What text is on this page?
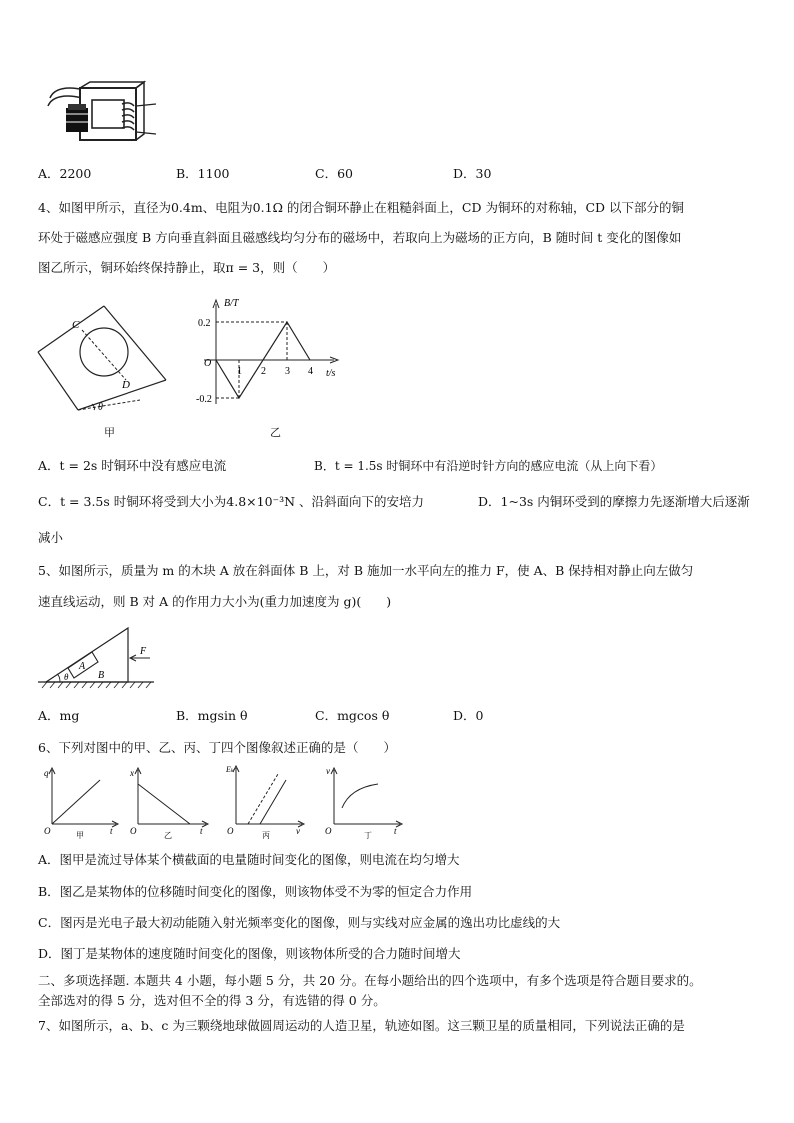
A．2200	B．1100	C．60	D．30
4、如图甲所示，直径为0.4m、电阻为0.1Ω 的闭合铜环静止在粗糙斜面上，CD 为铜环的对称轴，CD 以下部分的铜
环处于磁感应强度 B 方向垂直斜面且磁感线均匀分布的磁场中，若取向上为磁场的正方向，B 随时间 t 变化的图像如
图乙所示，铜环始终保持静止，取π = 3，则（　　）
C
D
θ
甲
B/T
t/s
O
0.2
-0.2
1 2 3 4
乙
A．t = 2s 时铜环中没有感应电流	B．t = 1.5s 时铜环中有沿逆时针方向的感应电流（从上向下看）
C．t = 3.5s 时铜环将受到大小为4.8×10⁻³N 、沿斜面向下的安培力	D．1~3s 内铜环受到的摩擦力先逐渐增大后逐渐
减小
5、如图所示，质量为 m 的木块 A 放在斜面体 B 上，对 B 施加一水平向左的推力 F，使 A、B 保持相对静止向左做匀
速直线运动，则 B 对 A 的作用力大小为(重力加速度为 g)(　　)
A
B
F
θ
A．mg	B．mgsin θ	C．mgcos θ	D．0
6、下列对图中的甲、乙、丙、丁四个图像叙述正确的是（　　）
q
t
O	甲
x
t
O	乙
Eₖ
v
O	丙
v
t
O	丁
A．图甲是流过导体某个横截面的电量随时间变化的图像，则电流在均匀增大
B．图乙是某物体的位移随时间变化的图像，则该物体受不为零的恒定合力作用
C．图丙是光电子最大初动能随入射光频率变化的图像，则与实线对应金属的逸出功比虚线的大
D．图丁是某物体的速度随时间变化的图像，则该物体所受的合力随时间增大
二、多项选择题. 本题共 4 小题，每小题 5 分，共 20 分。在每小题给出的四个选项中，有多个选项是符合题目要求的。
全部选对的得 5 分，选对但不全的得 3 分，有选错的得 0 分。
7、如图所示，a、b、c 为三颗绕地球做圆周运动的人造卫星，轨迹如图。这三颗卫星的质量相同，下列说法正确的是
